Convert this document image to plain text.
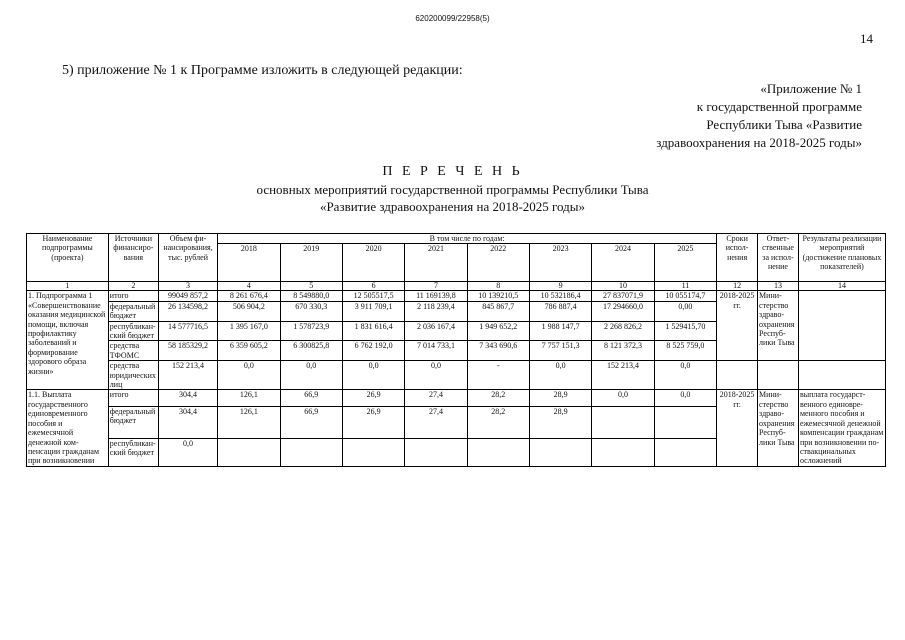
620200099/22958(5)
14
5) приложение № 1 к Программе изложить в следующей редакции:
«Приложение № 1
к государственной программе
Республики Тыва «Развитие
здравоохранения на 2018-2025 годы»
П Е Р Е Ч Е Н Ь
основных мероприятий государственной программы Республики Тыва
«Развитие здравоохранения на 2018-2025 годы»
Наименование подпрограммы (проекта)	Источники финансирования	Объем финансирования, тыс. рублей	В том числе по годам:								Сроки исполнения	Ответственные за исполнение	Результаты реализации мероприятий (достижение плановых показателей)
			2018	2019	2020	2021	2022	2023	2024	2025			
1	2	3	4	5	6	7	8	9	10	11	12	13	14
1. Подпрограмма 1 «Совершенствование оказания медицинской помощи, включая профилактику заболеваний и формирование здорового образа жизни»	итого	99049 857,2	8 261 676,4	8 549880,0	12 505517,5	11 169139,8	10 139210,5	10 532186,4	27 837071,9	10 055174,7	2018-2025 гг.	Министерство здравоохранения Республики Тыва	
	федеральный бюджет	26 134598,2	506 904,2	670 330,3	3 911 709,1	2 118 239,4	845 867,7	786 887,4	17 294660,0	0,00			
	республиканский бюджет	14 577716,5	1 395 167,0	1 578723,9	1 831 616,4	2 036 167,4	1 949 652,2	1 988 147,7	2 268 826,2	1 529415,70			
	средства ТФОМС	58 185329,2	6 359 605,2	6 300825,8	6 762 192,0	7 014 733,1	7 343 690,6	7 757 151,3	8 121 372,3	8 525 759,0			
	средства юридических лиц	152 213,4	0,0	0,0	0,0	0,0	-	0,0	152 213,4	0,0			
1.1. Выплата государственного единовременного пособия и ежемесячной денежной компенсации гражданам при возникновении	итого	304,4	126,1	66,9	26,9	27,4	28,2	28,9	0,0	0,0	2018-2025 гг.	Министерство здравоохранения Республики Тыва	выплата государственного единовременного пособия и ежемесячной денежной компенсации гражданам при возникновении поствакцинальных осложнений
	федеральный бюджет	304,4	126,1	66,9	26,9	27,4	28,2	28,9					
	республиканский бюджет	0,0											
